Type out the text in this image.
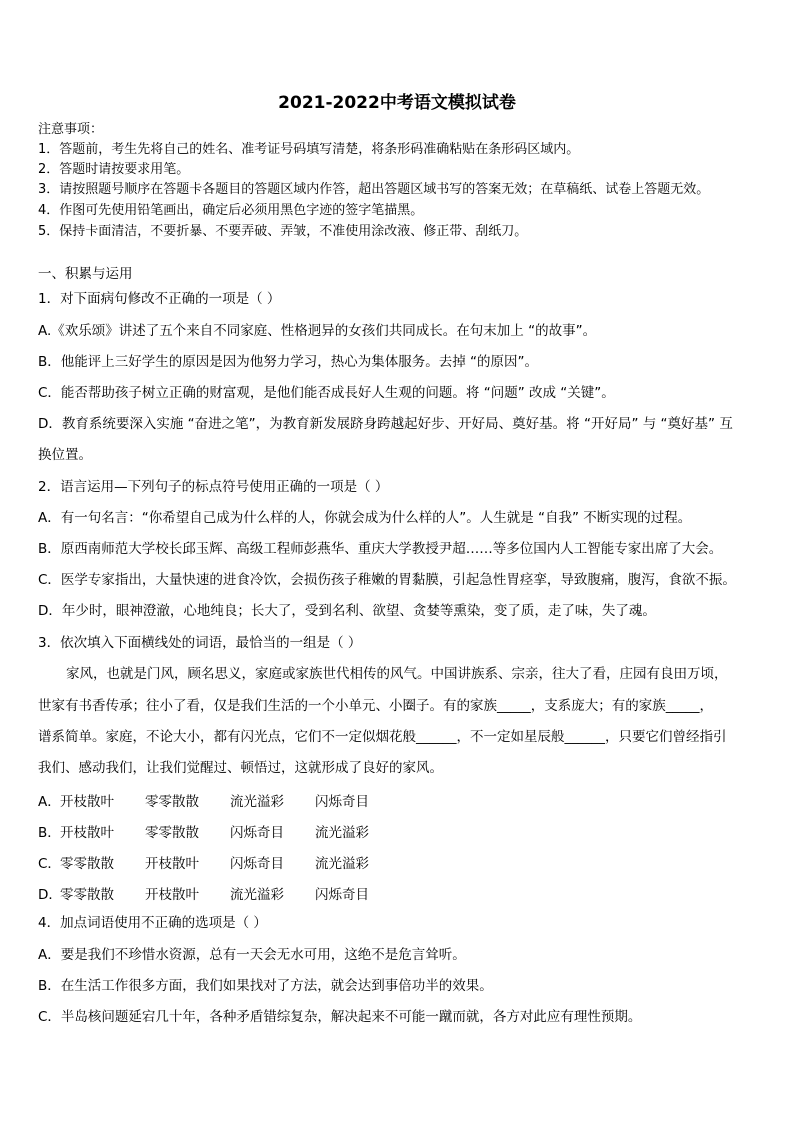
2021-2022中考语文模拟试卷
注意事项：
1．答题前，考生先将自己的姓名、准考证号码填写清楚，将条形码准确粘贴在条形码区域内。
2．答题时请按要求用笔。
3．请按照题号顺序在答题卡各题目的答题区域内作答，超出答题区域书写的答案无效；在草稿纸、试卷上答题无效。
4．作图可先使用铅笔画出，确定后必须用黑色字迹的签字笔描黑。
5．保持卡面清洁，不要折暴、不要弄破、弄皱，不准使用涂改液、修正带、刮纸刀。
一、积累与运用
1．对下面病句修改不正确的一项是（ ）
A.《欢乐颂》讲述了五个来自不同家庭、性格迥异的女孩们共同成长。在句末加上 “的故事”。
B．他能评上三好学生的原因是因为他努力学习，热心为集体服务。去掉 “的原因”。
C．能否帮助孩子树立正确的财富观，是他们能否成長好人生观的问题。将 “问题” 改成 “关键”。
D．教育系统要深入实施 “奋进之笔”，为教育新发展跻身跨越起好步、开好局、奠好基。将 “开好局” 与 “奠好基” 互
换位置。
2．语言运用—下列句子的标点符号使用正确的一项是（ ）
A．有一句名言：“你希望自己成为什么样的人，你就会成为什么样的人”。人生就是 “自我” 不断实现的过程。
B．原西南师范大学校长邱玉辉、高级工程师彭燕华、重庆大学教授尹超……等多位国内人工智能专家出席了大会。
C．医学专家指出，大量快速的进食冷饮，会损伤孩子稚嫩的胃黏膜，引起急性胃痉挛，导致腹痛，腹泻，食欲不振。
D．年少时，眼神澄澈，心地纯良；长大了，受到名利、欲望、贪婪等熏染，变了质，走了味，失了魂。
3．依次填入下面横线处的词语，最恰当的一组是（ ）
家风，也就是门风，顾名思义，家庭或家族世代相传的风气。中国讲族系、宗亲，往大了看，庄园有良田万顷，
世家有书香传承；往小了看，仅是我们生活的一个小单元、小圈子。有的家族_____，支系庞大；有的家族_____，
谱系简单。家庭，不论大小，都有闪光点，它们不一定似烟花般______，不一定如星辰般______，只要它们曾经指引
我们、感动我们，让我们觉醒过、顿悟过，这就形成了良好的家风。
A．开枝散叶 零零散散 流光溢彩 闪烁奇目
B．开枝散叶 零零散散 闪烁奇目 流光溢彩
C．零零散散 开枝散叶 闪烁奇目 流光溢彩
D．零零散散 开枝散叶 流光溢彩 闪烁奇目
4．加点词语使用不正确的选项是（ ）
A．要是我们不珍惜水资源，总有一天会无水可用，这绝不是危言耸听。
B．在生活工作很多方面，我们如果找对了方法，就会达到事倍功半的效果。
C．半岛核问题延宕几十年，各种矛盾错综复杂，解决起来不可能一蹴而就，各方对此应有理性预期。
